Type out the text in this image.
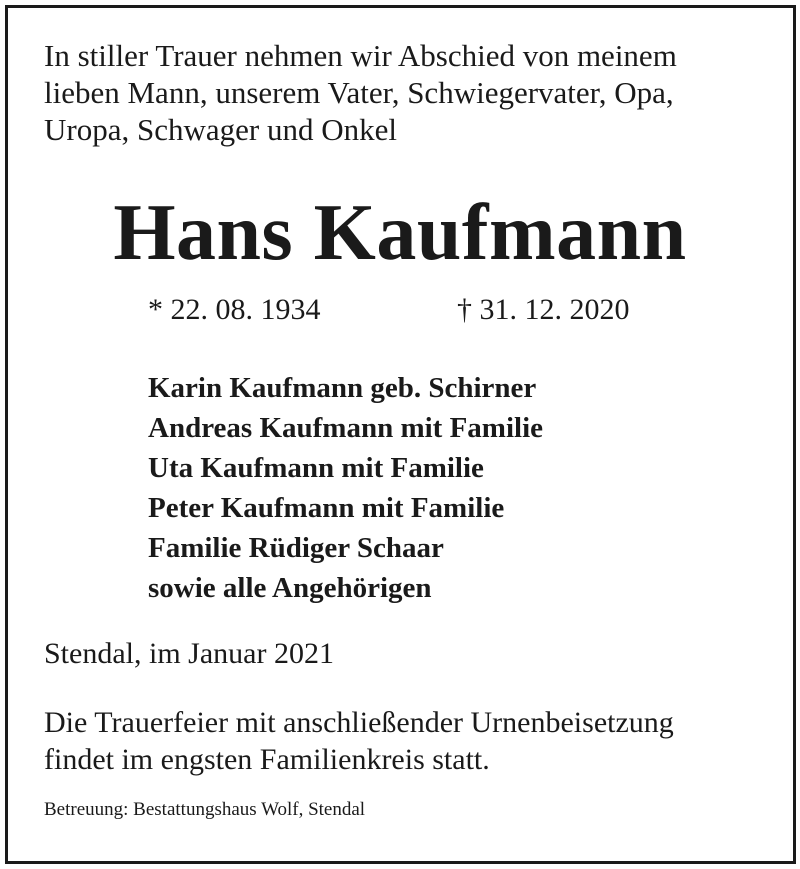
In stiller Trauer nehmen wir Abschied von meinem
lieben Mann, unserem Vater, Schwiegervater, Opa,
Uropa, Schwager und Onkel
Hans Kaufmann
* 22. 08. 1934	† 31. 12. 2020
Karin Kaufmann geb. Schirner
Andreas Kaufmann mit Familie
Uta Kaufmann mit Familie
Peter Kaufmann mit Familie
Familie Rüdiger Schaar
sowie alle Angehörigen
Stendal, im Januar 2021
Die Trauerfeier mit anschließender Urnenbeisetzung
findet im engsten Familienkreis statt.
Betreuung: Bestattungshaus Wolf, Stendal
